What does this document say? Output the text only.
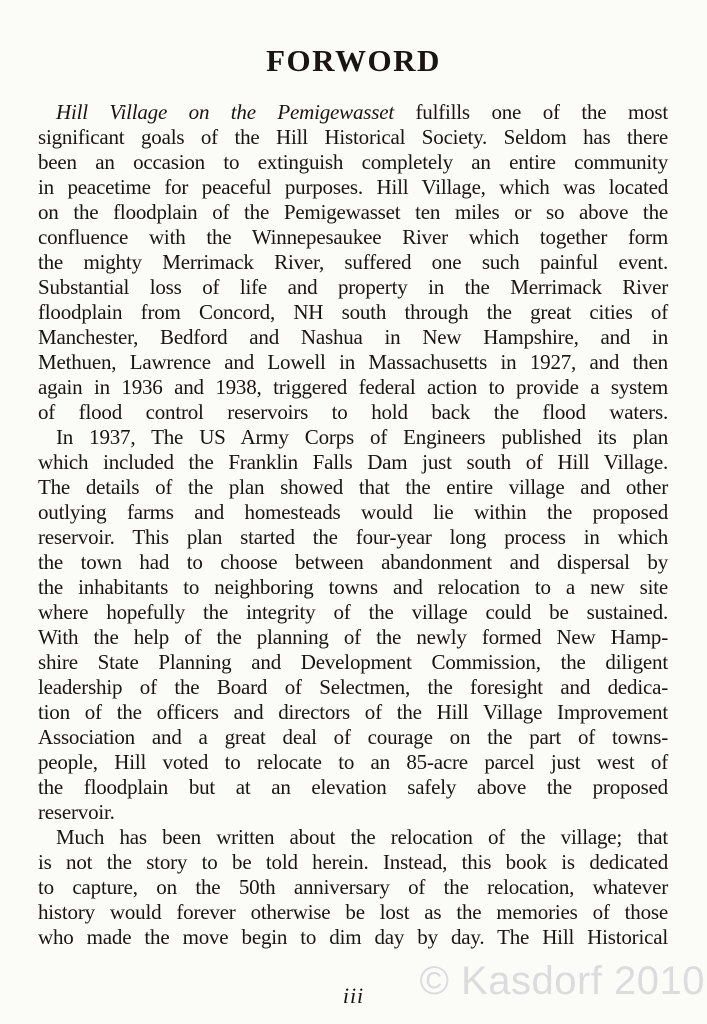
FORWORD
Hill Village on the Pemigewasset fulfills one of the most
significant goals of the Hill Historical Society. Seldom has there
been an occasion to extinguish completely an entire community
in peacetime for peaceful purposes. Hill Village, which was located
on the floodplain of the Pemigewasset ten miles or so above the
confluence with the Winnepesaukee River which together form
the mighty Merrimack River, suffered one such painful event.
Substantial loss of life and property in the Merrimack River
floodplain from Concord, NH south through the great cities of
Manchester, Bedford and Nashua in New Hampshire, and in
Methuen, Lawrence and Lowell in Massachusetts in 1927, and then
again in 1936 and 1938, triggered federal action to provide a system
of flood control reservoirs to hold back the flood waters.
In 1937, The US Army Corps of Engineers published its plan
which included the Franklin Falls Dam just south of Hill Village.
The details of the plan showed that the entire village and other
outlying farms and homesteads would lie within the proposed
reservoir. This plan started the four-year long process in which
the town had to choose between abandonment and dispersal by
the inhabitants to neighboring towns and relocation to a new site
where hopefully the integrity of the village could be sustained.
With the help of the planning of the newly formed New Hamp-
shire State Planning and Development Commission, the diligent
leadership of the Board of Selectmen, the foresight and dedica-
tion of the officers and directors of the Hill Village Improvement
Association and a great deal of courage on the part of towns-
people, Hill voted to relocate to an 85-acre parcel just west of
the floodplain but at an elevation safely above the proposed
reservoir.
Much has been written about the relocation of the village; that
is not the story to be told herein. Instead, this book is dedicated
to capture, on the 50th anniversary of the relocation, whatever
history would forever otherwise be lost as the memories of those
who made the move begin to dim day by day. The Hill Historical
iii	© Kasdorf 2010
